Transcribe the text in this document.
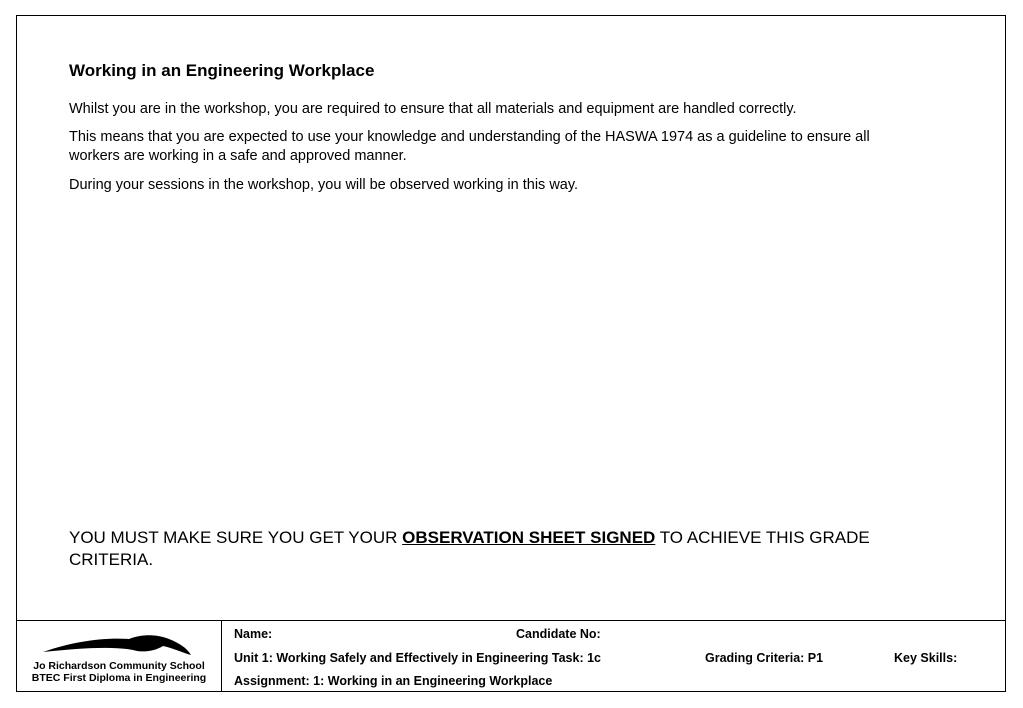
Working in an Engineering Workplace
Whilst you are in the workshop, you are required to ensure that all materials and equipment are handled correctly.
This means that you are expected to use your knowledge and understanding of the HASWA 1974 as a guideline to ensure all workers are working in a safe and approved manner.
During your sessions in the workshop, you will be observed working in this way.
YOU MUST MAKE SURE YOU GET YOUR OBSERVATION SHEET SIGNED TO ACHIEVE THIS GRADE CRITERIA.
Jo Richardson Community School
BTEC First Diploma in Engineering
Name:	Candidate No:
Unit 1: Working Safely and Effectively in Engineering Task: 1c	Grading Criteria: P1	Key Skills:
Assignment: 1: Working in an Engineering Workplace
